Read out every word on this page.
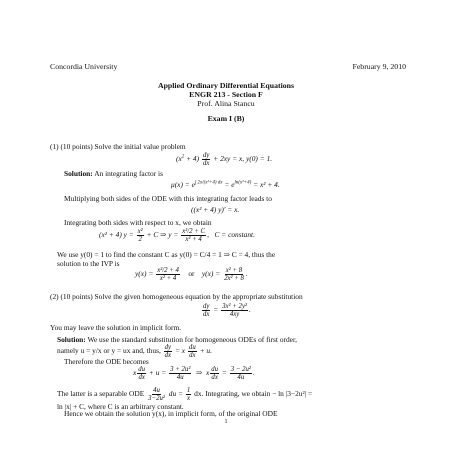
Concordia University	February 9, 2010
Applied Ordinary Differential Equations
ENGR 213 - Section F
Prof. Alina Stancu
Exam I (B)
(1) (10 points) Solve the initial value problem
$(x^2 + 4) \frac{dy}{dx} + 2xy = x$, y(0) = 1.
Solution: An integrating factor is
$\mu(x) = e^{\int 2x/(x^2+4) dx} = e^{ln(x^2+4)} = x^2 + 4$.
Multiplying both sides of the ODE with this integrating factor leads to
((x² + 4) y)′ = x.
Integrating both sides with respect to x, we obtain
(x² + 4) $y = \frac{\text{x²}}{2} + C$ ⇒ $y = \frac{\text{x²/2 + C}}{\text{x² + 4}}$ ,   C = constant.
We use y(0) = 1 to find the constant C as y(0) = C/4 = 1 ⇒ C = 4, thus the
solution to the IVP is
$y(x) = \frac{\text{x²/2 + 4}}{\text{x² + 4}}$ or $y(x) = \frac{\text{x² + 8}}{\text{2x² + 8}}$ .
(2) (10 points) Solve the given homogeneous equation by the appropriate substitution
$\frac{dy}{dx} = \frac{\text{3x² + 2y²}}{4xy}$ .
You may leave the solution in implicit form.
Solution: We use the standard substitution for homogeneous ODEs of first order,
namely u = y/x or y = ux and, thus, $\frac{dy}{dx} = x \frac{du}{dx} + u$.
Therefore the ODE becomes
x $\frac{du}{dx} + u = \frac{\text{3 + 2u²}}{4u}$ ⇒  x $\frac{du}{dx} = \frac{\text{3 − 2u²}}{4u}$ .
The latter is a separable ODE $\frac{4u}{\text{3−2u²}}$ du = $\frac{1}{x}$ dx. Integrating, we obtain − ln |3−2u²| =
ln |x| + C, where C is an arbitrary constant.
Hence we obtain the solution y(x), in implicit form, of the original ODE
1
